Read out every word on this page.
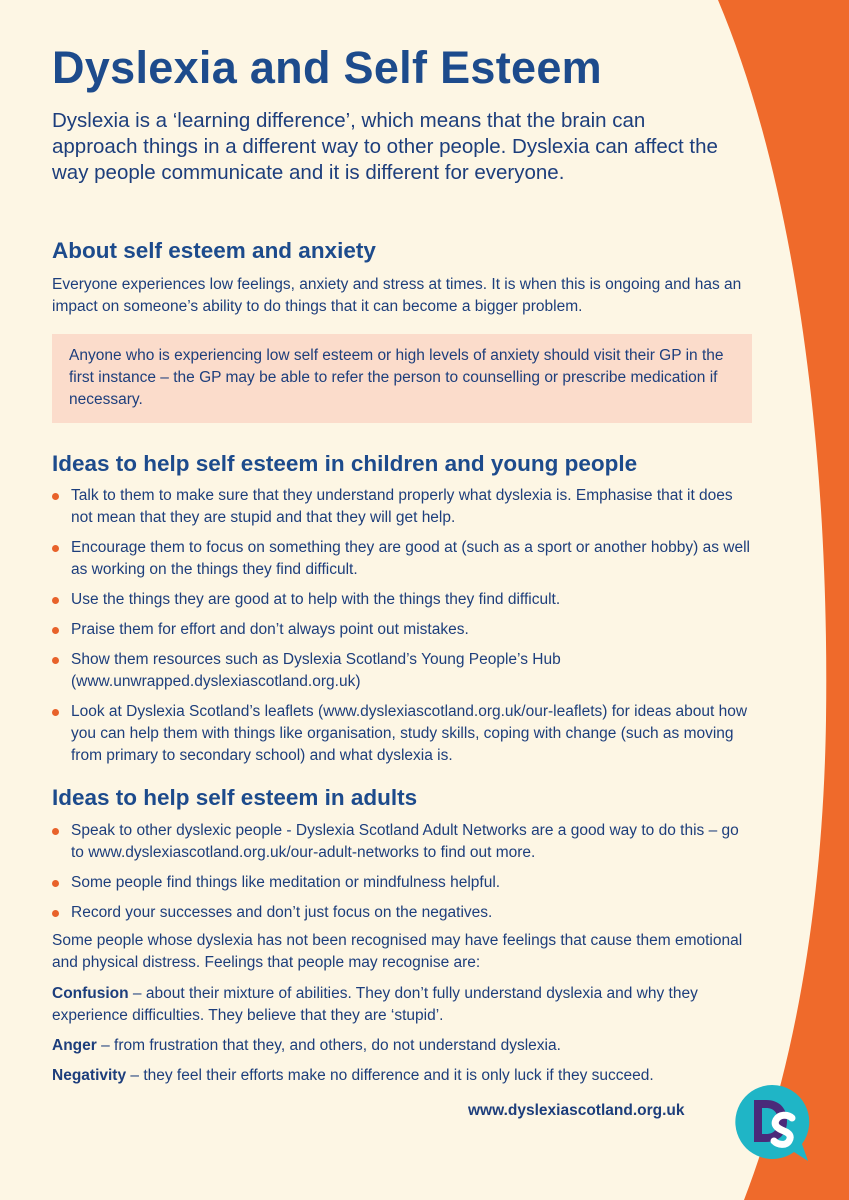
Dyslexia and Self Esteem

Dyslexia is a ‘learning difference’, which means that the brain can approach things in a different way to other people. Dyslexia can affect the way people communicate and it is different for everyone.

About self esteem and anxiety

Everyone experiences low feelings, anxiety and stress at times. It is when this is ongoing and has an impact on someone’s ability to do things that it can become a bigger problem.

Anyone who is experiencing low self esteem or high levels of anxiety should visit their GP in the first instance – the GP may be able to refer the person to counselling or prescribe medication if necessary.

Ideas to help self esteem in children and young people
Talk to them to make sure that they understand properly what dyslexia is. Emphasise that it does not mean that they are stupid and that they will get help.
Encourage them to focus on something they are good at (such as a sport or another hobby) as well as working on the things they find difficult.
Use the things they are good at to help with the things they find difficult.
Praise them for effort and don’t always point out mistakes.
Show them resources such as Dyslexia Scotland’s Young People’s Hub (www.unwrapped.dyslexiascotland.org.uk)
Look at Dyslexia Scotland’s leaflets (www.dyslexiascotland.org.uk/our-leaflets) for ideas about how you can help them with things like organisation, study skills, coping with change (such as moving from primary to secondary school) and what dyslexia is.
Ideas to help self esteem in adults
Speak to other dyslexic people - Dyslexia Scotland Adult Networks are a good way to do this – go to www.dyslexiascotland.org.uk/our-adult-networks to find out more.
Some people find things like meditation or mindfulness helpful.
Record your successes and don’t just focus on the negatives.

Some people whose dyslexia has not been recognised may have feelings that cause them emotional and physical distress. Feelings that people may recognise are:

Confusion – about their mixture of abilities. They don’t fully understand dyslexia and why they experience difficulties. They believe that they are ‘stupid’.

Anger – from frustration that they, and others, do not understand dyslexia.

Negativity – they feel their efforts make no difference and it is only luck if they succeed.

www.dyslexiascotland.org.uk
